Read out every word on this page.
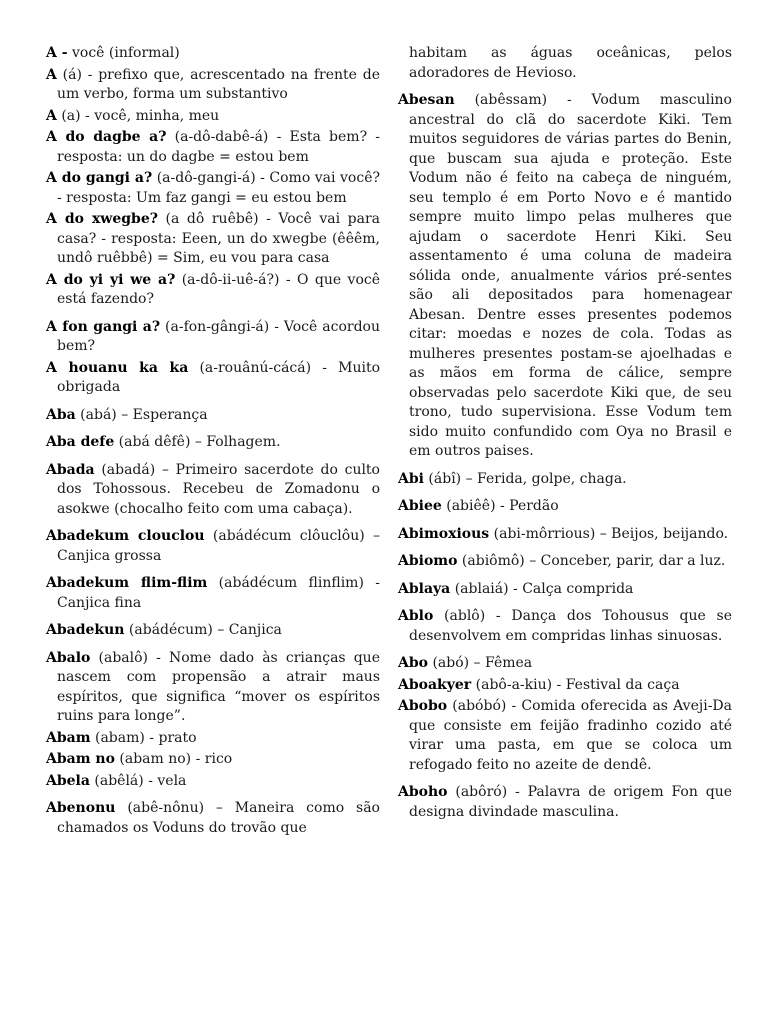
A - você (informal)

A (á) - prefixo que, acrescentado na frente de um verbo, forma um substantivo

A (a) - você, minha, meu

A do dagbe a? (a-dô-dabê-á) - Esta bem? - resposta: un do dagbe = estou bem

A do gangi a? (a-dô-gangi-á) - Como vai você? - resposta: Um faz gangi = eu estou bem

A do xwegbe? (a dô ruêbê) - Você vai para casa? - resposta: Eeen, un do xwegbe (êêêm, undô ruêbbê) = Sim, eu vou para casa

A do yi yi we a? (a-dô-ii-uê-á?) - O que você está fazendo?

A fon gangi a? (a-fon-gângi-á) - Você acordou bem?

A houanu ka ka (a-rouânú-cácá) - Muito obrigada

Aba (abá) – Esperança

Aba defe (abá dêfê) – Folhagem.

Abada (abadá) – Primeiro sacerdote do culto dos Tohossous. Recebeu de Zomadonu o asokwe (chocalho feito com uma cabaça).

Abadekum clouclou (abádécum clôuclôu) – Canjica grossa

Abadekum flim-flim (abádécum flinflim) - Canjica fina

Abadekun (abádécum) – Canjica

Abalo (abalô) - Nome dado às crianças que nascem com propensão a atrair maus espíritos, que significa “mover os espíritos ruins para longe”.

Abam (abam) - prato

Abam no (abam no) - rico

Abela (abêlá) - vela

Abenonu (abê-nônu) – Maneira como são chamados os Voduns do trovão que

habitam as águas oceânicas, pelos adoradores de Hevioso.

Abesan (abêssam) - Vodum masculino ancestral do clã do sacerdote Kiki. Tem muitos seguidores de várias partes do Benin, que buscam sua ajuda e proteção. Este Vodum não é feito na cabeça de ninguém, seu templo é em Porto Novo e é mantido sempre muito limpo pelas mulheres que ajudam o sacerdote Henri Kiki. Seu assentamento é uma coluna de madeira sólida onde, anualmente vários pré-sentes são ali depositados para homenagear Abesan. Dentre esses presentes podemos citar: moedas e nozes de cola. Todas as mulheres presentes postam-se ajoelhadas e as mãos em forma de cálice, sempre observadas pelo sacerdote Kiki que, de seu trono, tudo supervisiona. Esse Vodum tem sido muito confundido com Oya no Brasil e em outros paises.

Abi (ábî) – Ferida, golpe, chaga.

Abiee (abiêê) - Perdão

Abimoxious (abi-môrrious) – Beijos, beijando.

Abiomo (abiômô) – Conceber, parir, dar a luz.

Ablaya (ablaiá) - Calça comprida

Ablo (ablô) - Dança dos Tohousus que se desenvolvem em compridas linhas sinuosas.

Abo (abó) – Fêmea

Aboakyer (abô-a-kiu) - Festival da caça

Abobo (abóbó) - Comida oferecida as Aveji-Da que consiste em feijão fradinho cozido até virar uma pasta, em que se coloca um refogado feito no azeite de dendê.

Aboho (abôró) - Palavra de origem Fon que designa divindade masculina.
